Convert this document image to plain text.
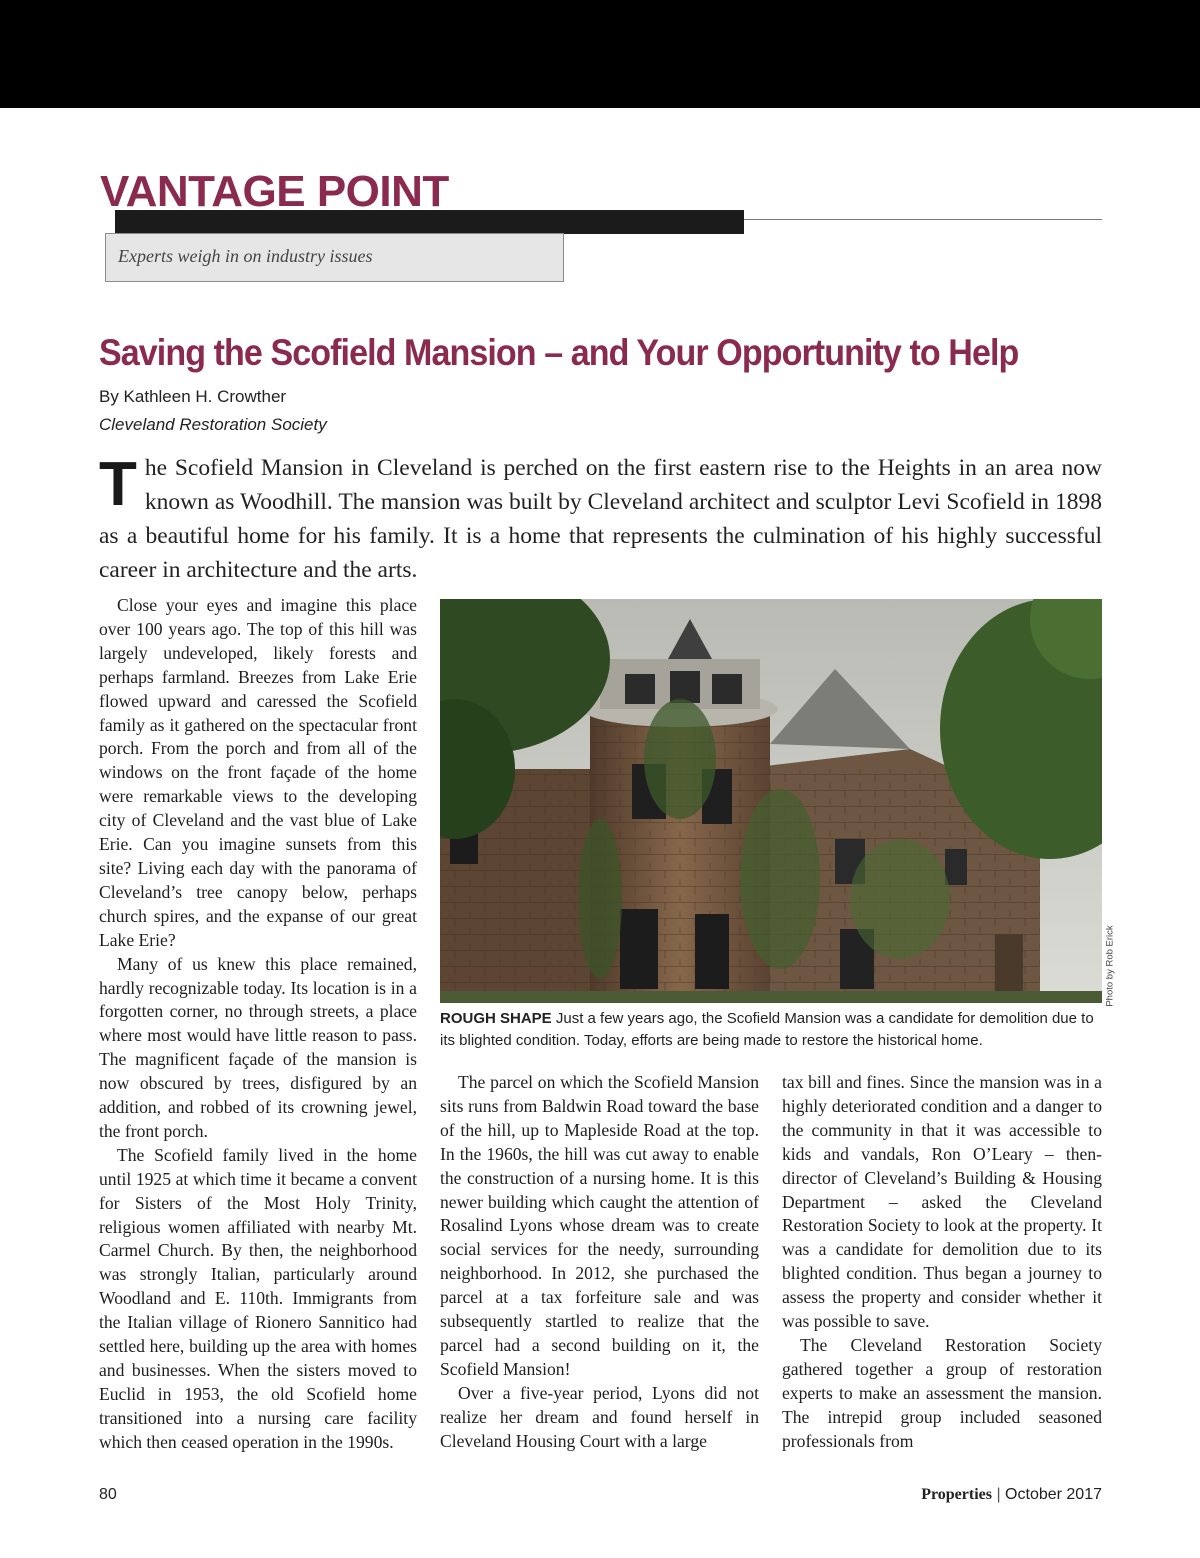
VANTAGE POINT
Experts weigh in on industry issues
Saving the Scofield Mansion – and Your Opportunity to Help
By Kathleen H. Crowther
Cleveland Restoration Society

The Scofield Mansion in Cleveland is perched on the first eastern rise to the Heights in an area now known as Woodhill. The mansion was built by Cleveland architect and sculptor Levi Scofield in 1898 as a beautiful home for his family. It is a home that represents the culmination of his highly successful career in architecture and the arts.

Close your eyes and imagine this place over 100 years ago. The top of this hill was largely undeveloped, likely forests and perhaps farmland. Breezes from Lake Erie flowed upward and caressed the Scofield family as it gathered on the spectacular front porch. From the porch and from all of the windows on the front façade of the home were remarkable views to the developing city of Cleveland and the vast blue of Lake Erie. Can you imagine sunsets from this site? Living each day with the panorama of Cleveland’s tree canopy below, perhaps church spires, and the expanse of our great Lake Erie?

Many of us knew this place remained, hardly recognizable today. Its location is in a forgotten corner, no through streets, a place where most would have little reason to pass. The magnificent façade of the mansion is now obscured by trees, disfigured by an addition, and robbed of its crowning jewel, the front porch.

The Scofield family lived in the home until 1925 at which time it became a convent for Sisters of the Most Holy Trinity, religious women affiliated with nearby Mt. Carmel Church. By then, the neighborhood was strongly Italian, particularly around Woodland and E. 110th. Immigrants from the Italian village of Rionero Sannitico had settled here, building up the area with homes and businesses. When the sisters moved to Euclid in 1953, the old Scofield home transitioned into a nursing care facility which then ceased operation in the 1990s.

Photo by Rob Erick

ROUGH SHAPE Just a few years ago, the Scofield Mansion was a candidate for demolition due to its blighted condition. Today, efforts are being made to restore the historical home.

The parcel on which the Scofield Mansion sits runs from Baldwin Road toward the base of the hill, up to Mapleside Road at the top. In the 1960s, the hill was cut away to enable the construction of a nursing home. It is this newer building which caught the attention of Rosalind Lyons whose dream was to create social services for the needy, surrounding neighborhood. In 2012, she purchased the parcel at a tax forfeiture sale and was subsequently startled to realize that the parcel had a second building on it, the Scofield Mansion!

Over a five-year period, Lyons did not realize her dream and found herself in Cleveland Housing Court with a large

tax bill and fines. Since the mansion was in a highly deteriorated condition and a danger to the community in that it was accessible to kids and vandals, Ron O’Leary – then-director of Cleveland’s Building & Housing Department – asked the Cleveland Restoration Society to look at the property. It was a candidate for demolition due to its blighted condition. Thus began a journey to assess the property and consider whether it was possible to save.

The Cleveland Restoration Society gathered together a group of restoration experts to make an assessment the mansion. The intrepid group included seasoned professionals from

80	Properties | October 2017
